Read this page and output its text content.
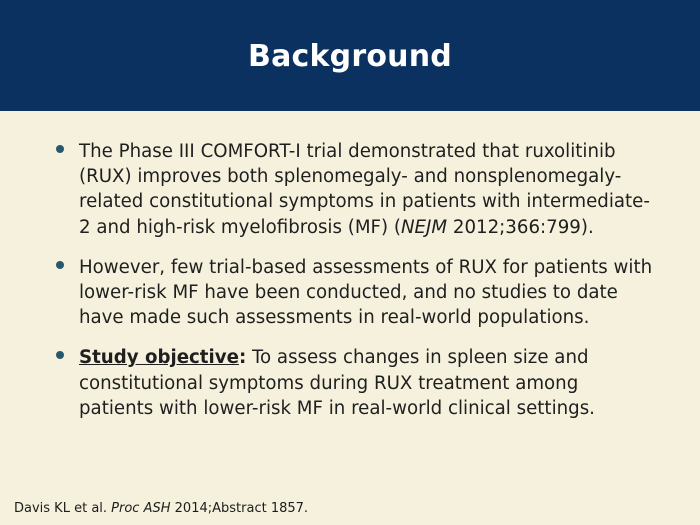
Background
The Phase III COMFORT-I trial demonstrated that ruxolitinib (RUX) improves both splenomegaly- and nonsplenomegaly-related constitutional symptoms in patients with intermediate-2 and high-risk myelofibrosis (MF) (NEJM 2012;366:799).
However, few trial-based assessments of RUX for patients with lower-risk MF have been conducted, and no studies to date have made such assessments in real-world populations.
Study objective: To assess changes in spleen size and constitutional symptoms during RUX treatment among patients with lower-risk MF in real-world clinical settings.
Davis KL et al. Proc ASH 2014;Abstract 1857.
